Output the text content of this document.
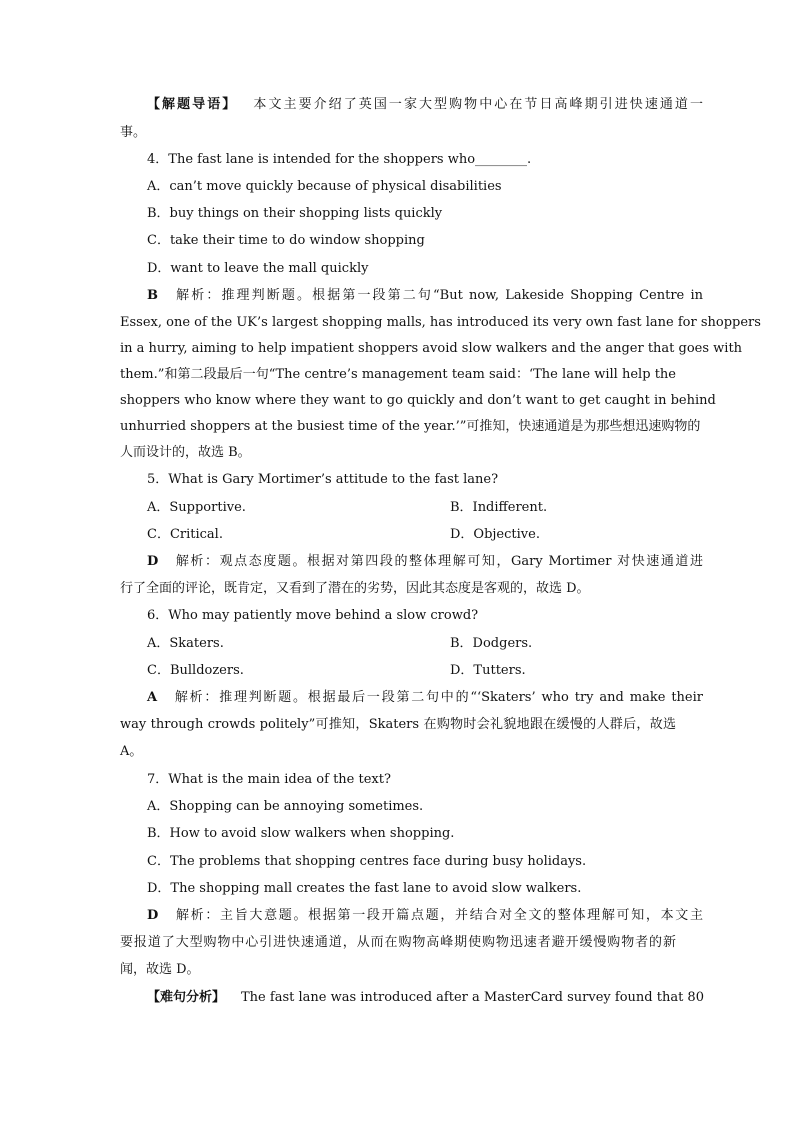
【解题导语】 本文主要介绍了英国一家大型购物中心在节日高峰期引进快速通道一
事。
4．The fast lane is intended for the shoppers who________.
A．can’t move quickly because of physical disabilities
B．buy things on their shopping lists quickly
C．take their time to do window shopping
D．want to leave the mall quickly
B 解析：推理判断题。根据第一段第二句“But now, Lakeside Shopping Centre in
Essex, one of the UK’s largest shopping malls, has introduced its very own fast lane for shoppers
in a hurry, aiming to help impatient shoppers avoid slow walkers and the anger that goes with
them.”和第二段最后一句“The centre’s management team said：‘The lane will help the
shoppers who know where they want to go quickly and don’t want to get caught in behind
unhurried shoppers at the busiest time of the year.’”可推知，快速通道是为那些想迅速购物的
人而设计的，故选 B。
5．What is Gary Mortimer’s attitude to the fast lane?
A．Supportive.	B．Indifferent.
C．Critical.	D．Objective.
D 解析：观点态度题。根据对第四段的整体理解可知，Gary Mortimer 对快速通道进
行了全面的评论，既肯定，又看到了潜在的劣势，因此其态度是客观的，故选 D。
6．Who may patiently move behind a slow crowd?
A．Skaters.	B．Dodgers.
C．Bulldozers.	D．Tutters.
A 解析：推理判断题。根据最后一段第二句中的“‘Skaters’ who try and make their
way through crowds politely”可推知，Skaters 在购物时会礼貌地跟在缓慢的人群后，故选
A。
7．What is the main idea of the text?
A．Shopping can be annoying sometimes.
B．How to avoid slow walkers when shopping.
C．The problems that shopping centres face during busy holidays.
D．The shopping mall creates the fast lane to avoid slow walkers.
D 解析：主旨大意题。根据第一段开篇点题，并结合对全文的整体理解可知，本文主
要报道了大型购物中心引进快速通道，从而在购物高峰期使购物迅速者避开缓慢购物者的新
闻，故选 D。
【难句分析】 The fast lane was introduced after a MasterCard survey found that 80
